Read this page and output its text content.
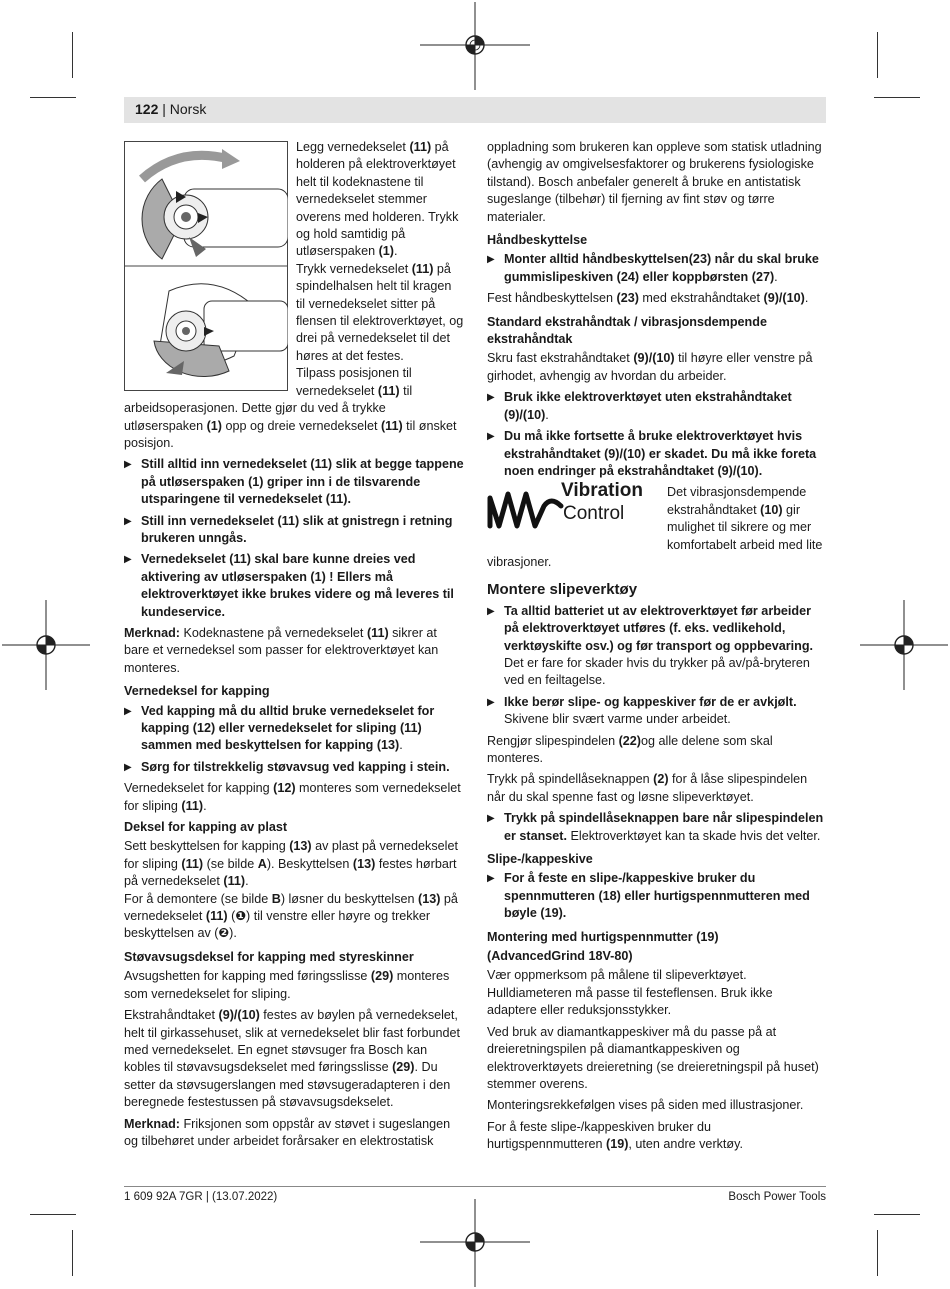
122 | Norsk

Legg vernedekselet (11) på holderen på elektroverktøyet helt til kodeknastene til vernedekselet stemmer overens med holderen. Trykk og hold samtidig på utløserspaken (1).
Trykk vernedekselet (11) på spindelhalsen helt til kragen til vernedekselet sitter på flensen til elektroverktøyet, og drei på vernedekselet til det høres at det festes.
Tilpass posisjonen til vernedekselet (11) til arbeidsoperasjonen. Dette gjør du ved å trykke utløserspaken (1) opp og dreie vernedekselet (11) til ønsket posisjon.

▶ Still alltid inn vernedekselet (11) slik at begge tappene på utløserspaken (1) griper inn i de tilsvarende utsparingene til vernedekselet (11).

▶ Still inn vernedekselet (11) slik at gnistregn i retning brukeren unngås.

▶ Vernedekselet (11) skal bare kunne dreies ved aktivering av utløserspaken (1) ! Ellers må elektroverktøyet ikke brukes videre og må leveres til kundeservice.

Merknad: Kodeknastene på vernedekselet (11) sikrer at bare et vernedeksel som passer for elektroverktøyet kan monteres.

Vernedeksel for kapping

▶ Ved kapping må du alltid bruke vernedekselet for kapping (12) eller vernedekselet for sliping (11) sammen med beskyttelsen for kapping (13).

▶ Sørg for tilstrekkelig støvavsug ved kapping i stein.

Vernedekselet for kapping (12) monteres som vernedekselet for sliping (11).

Deksel for kapping av plast

Sett beskyttelsen for kapping (13) av plast på vernedekselet for sliping (11) (se bilde A). Beskyttelsen (13) festes hørbart på vernedekselet (11).

For å demontere (se bilde B) løsner du beskyttelsen (13) på vernedekselet (11) (❶) til venstre eller høyre og trekker beskyttelsen av (❷).

Støvavsugsdeksel for kapping med styreskinner

Avsugshetten for kapping med føringsslisse (29) monteres som vernedekselet for sliping.

Ekstrahåndtaket (9)/(10) festes av bøylen på vernedekselet, helt til girkassehuset, slik at vernedekselet blir fast forbundet med vernedekselet. En egnet støvsuger fra Bosch kan kobles til støvavsugsdekselet med føringsslisse (29). Du setter da støvsugerslangen med støvsugeradapteren i den beregnede festestussen på støvavsugsdekselet.

Merknad: Friksjonen som oppstår av støvet i sugeslangen og tilbehøret under arbeidet forårsaker en elektrostatisk

oppladning som brukeren kan oppleve som statisk utladning (avhengig av omgivelsesfaktorer og brukerens fysiologiske tilstand). Bosch anbefaler generelt å bruke en antistatisk sugeslange (tilbehør) til fjerning av fint støv og tørre materialer.

Håndbeskyttelse

▶ Monter alltid håndbeskyttelsen(23) når du skal bruke gummislipeskiven (24) eller koppbørsten (27).

Fest håndbeskyttelsen (23) med ekstrahåndtaket (9)/(10).

Standard ekstrahåndtak / vibrasjonsdempende ekstrahåndtak

Skru fast ekstrahåndtaket (9)/(10) til høyre eller venstre på girhodet, avhengig av hvordan du arbeider.

▶ Bruk ikke elektroverktøyet uten ekstrahåndtaket (9)/(10).

▶ Du må ikke fortsette å bruke elektroverktøyet hvis ekstrahåndtaket (9)/(10) er skadet. Du må ikke foreta noen endringer på ekstrahåndtaket (9)/(10).

Vibration
Control

Det vibrasjonsdempende ekstrahåndtaket (10) gir mulighet til sikrere og mer komfortabelt arbeid med lite vibrasjoner.

Montere slipeverktøy

▶ Ta alltid batteriet ut av elektroverktøyet før arbeider på elektroverktøyet utføres (f. eks. vedlikehold, verktøyskifte osv.) og før transport og oppbevaring. Det er fare for skader hvis du trykker på av/på-bryteren ved en feiltagelse.

▶ Ikke berør slipe- og kappeskiver før de er avkjølt. Skivene blir svært varme under arbeidet.

Rengjør slipespindelen (22)og alle delene som skal monteres.

Trykk på spindellåseknappen (2) for å låse slipespindelen når du skal spenne fast og løsne slipeverktøyet.

▶ Trykk på spindellåseknappen bare når slipespindelen er stanset. Elektroverktøyet kan ta skade hvis det velter.

Slipe-/kappeskive

▶ For å feste en slipe-/kappeskive bruker du spennmutteren (18) eller hurtigspennmutteren med bøyle (19).

Montering med hurtigspennmutter (19)
(AdvancedGrind 18V-80)

Vær oppmerksom på målene til slipeverktøyet. Hulldiameteren må passe til festeflensen. Bruk ikke adaptere eller reduksjonsstykker.

Ved bruk av diamantkappeskiver må du passe på at dreieretningspilen på diamantkappeskiven og elektroverktøyets dreieretning (se dreieretningspil på huset) stemmer overens.

Monteringsrekkefølgen vises på siden med illustrasjoner.

For å feste slipe-/kappeskiven bruker du hurtigspennmutteren (19), uten andre verktøy.

1 609 92A 7GR | (13.07.2022)	Bosch Power Tools
